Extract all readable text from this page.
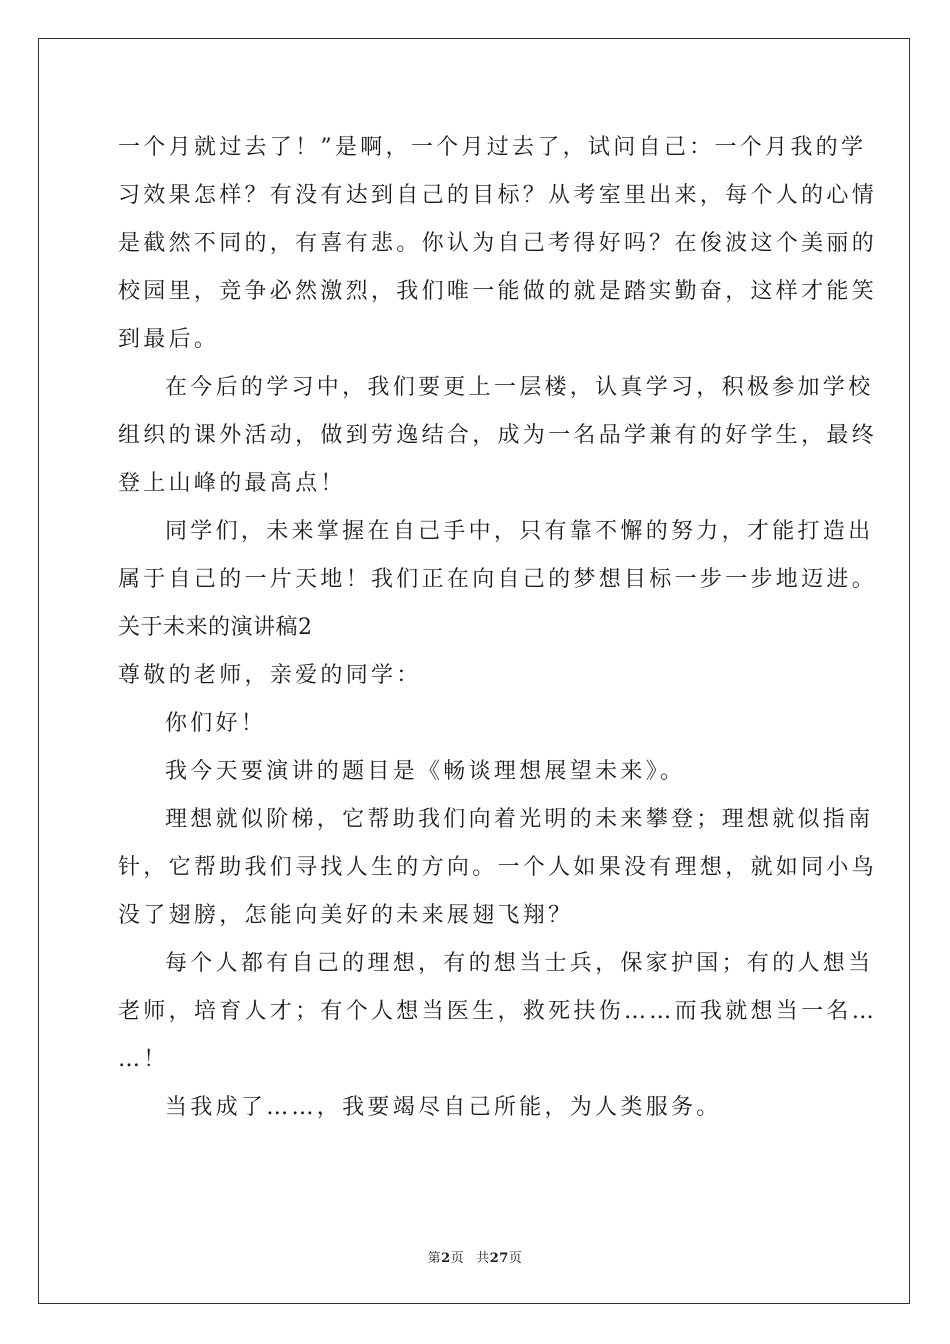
一个月就过去了！”是啊，一个月过去了，试问自己：一个月我的学
习效果怎样？有没有达到自己的目标？从考室里出来，每个人的心情
是截然不同的，有喜有悲。你认为自己考得好吗？在俊波这个美丽的
校园里，竞争必然激烈，我们唯一能做的就是踏实勤奋，这样才能笑
到最后。
在今后的学习中，我们要更上一层楼，认真学习，积极参加学校
组织的课外活动，做到劳逸结合，成为一名品学兼有的好学生，最终
登上山峰的最高点！
同学们，未来掌握在自己手中，只有靠不懈的努力，才能打造出
属于自己的一片天地！我们正在向自己的梦想目标一步一步地迈进。
关于未来的演讲稿2
尊敬的老师，亲爱的同学：
你们好！
我今天要演讲的题目是《畅谈理想展望未来》。
理想就似阶梯，它帮助我们向着光明的未来攀登；理想就似指南
针，它帮助我们寻找人生的方向。一个人如果没有理想，就如同小鸟
没了翅膀，怎能向美好的未来展翅飞翔？
每个人都有自己的理想，有的想当士兵，保家护国；有的人想当
老师，培育人才；有个人想当医生，救死扶伤……而我就想当一名…
…！
当我成了……，我要竭尽自己所能，为人类服务。
第2页 共27页
